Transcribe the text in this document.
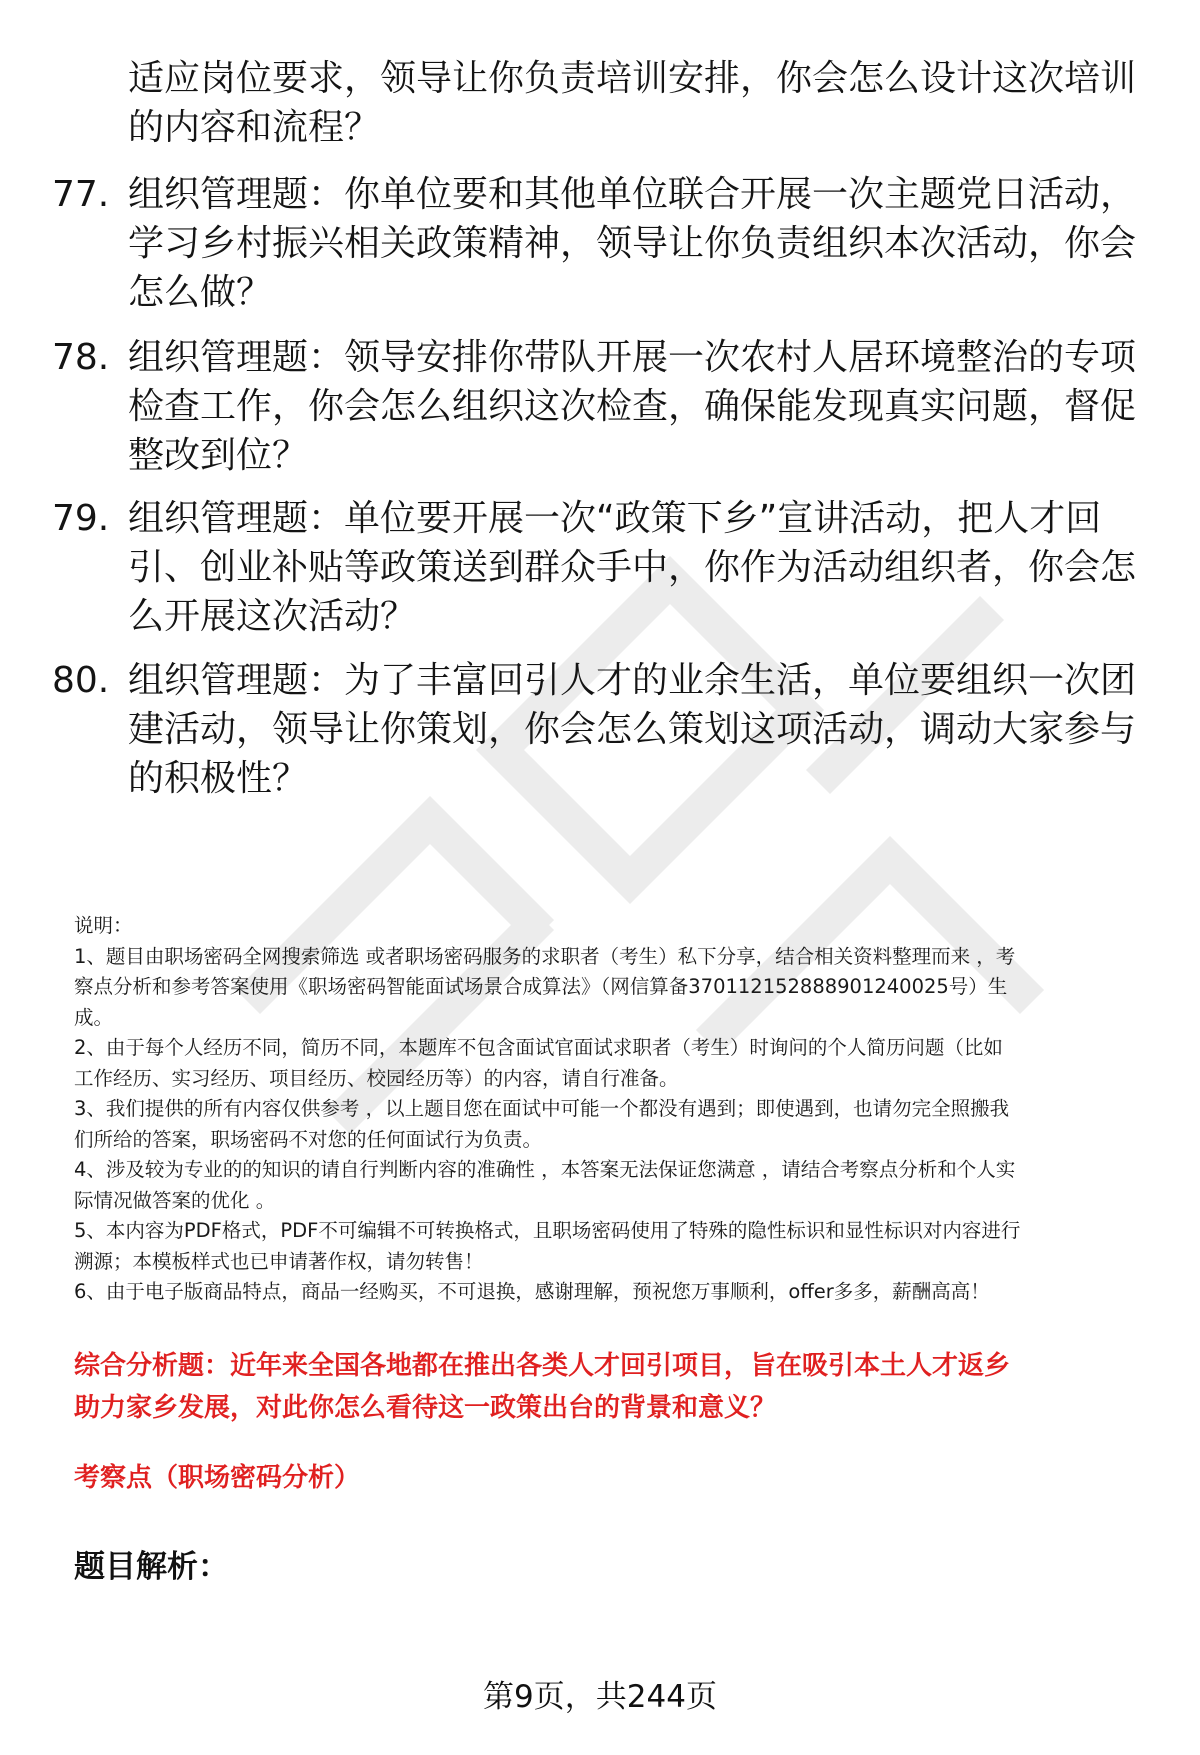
适应岗位要求，领导让你负责培训安排，你会怎么设计这次培训
的内容和流程？
77. 组织管理题：你单位要和其他单位联合开展一次主题党日活动，
学习乡村振兴相关政策精神，领导让你负责组织本次活动，你会
怎么做？
78. 组织管理题：领导安排你带队开展一次农村人居环境整治的专项
检查工作，你会怎么组织这次检查，确保能发现真实问题，督促
整改到位？
79. 组织管理题：单位要开展一次“政策下乡”宣讲活动，把人才回
引、创业补贴等政策送到群众手中，你作为活动组织者，你会怎
么开展这次活动？
80. 组织管理题：为了丰富回引人才的业余生活，单位要组织一次团
建活动，领导让你策划，你会怎么策划这项活动，调动大家参与
的积极性？
说明：
1、题目由职场密码全网搜索筛选 或者职场密码服务的求职者（考生）私下分享，结合相关资料整理而来 ，考
察点分析和参考答案使用《职场密码智能面试场景合成算法》（网信算备370112152888901240025号）生
成。
2、由于每个人经历不同，简历不同，本题库不包含面试官面试求职者（考生）时询问的个人简历问题（比如
工作经历、实习经历、项目经历、校园经历等）的内容，请自行准备。
3、我们提供的所有内容仅供参考 ，以上题目您在面试中可能一个都没有遇到；即使遇到，也请勿完全照搬我
们所给的答案，职场密码不对您的任何面试行为负责。
4、涉及较为专业的的知识的请自行判断内容的准确性 ，本答案无法保证您满意 ，请结合考察点分析和个人实
际情况做答案的优化 。
5、本内容为PDF格式，PDF不可编辑不可转换格式，且职场密码使用了特殊的隐性标识和显性标识对内容进行
溯源；本模板样式也已申请著作权，请勿转售！
6、由于电子版商品特点，商品一经购买，不可退换，感谢理解，预祝您万事顺利，offer多多，薪酬高高！
综合分析题：近年来全国各地都在推出各类人才回引项目，旨在吸引本土人才返乡
助力家乡发展，对此你怎么看待这一政策出台的背景和意义？
考察点（职场密码分析）
题目解析：
第9页，共244页
